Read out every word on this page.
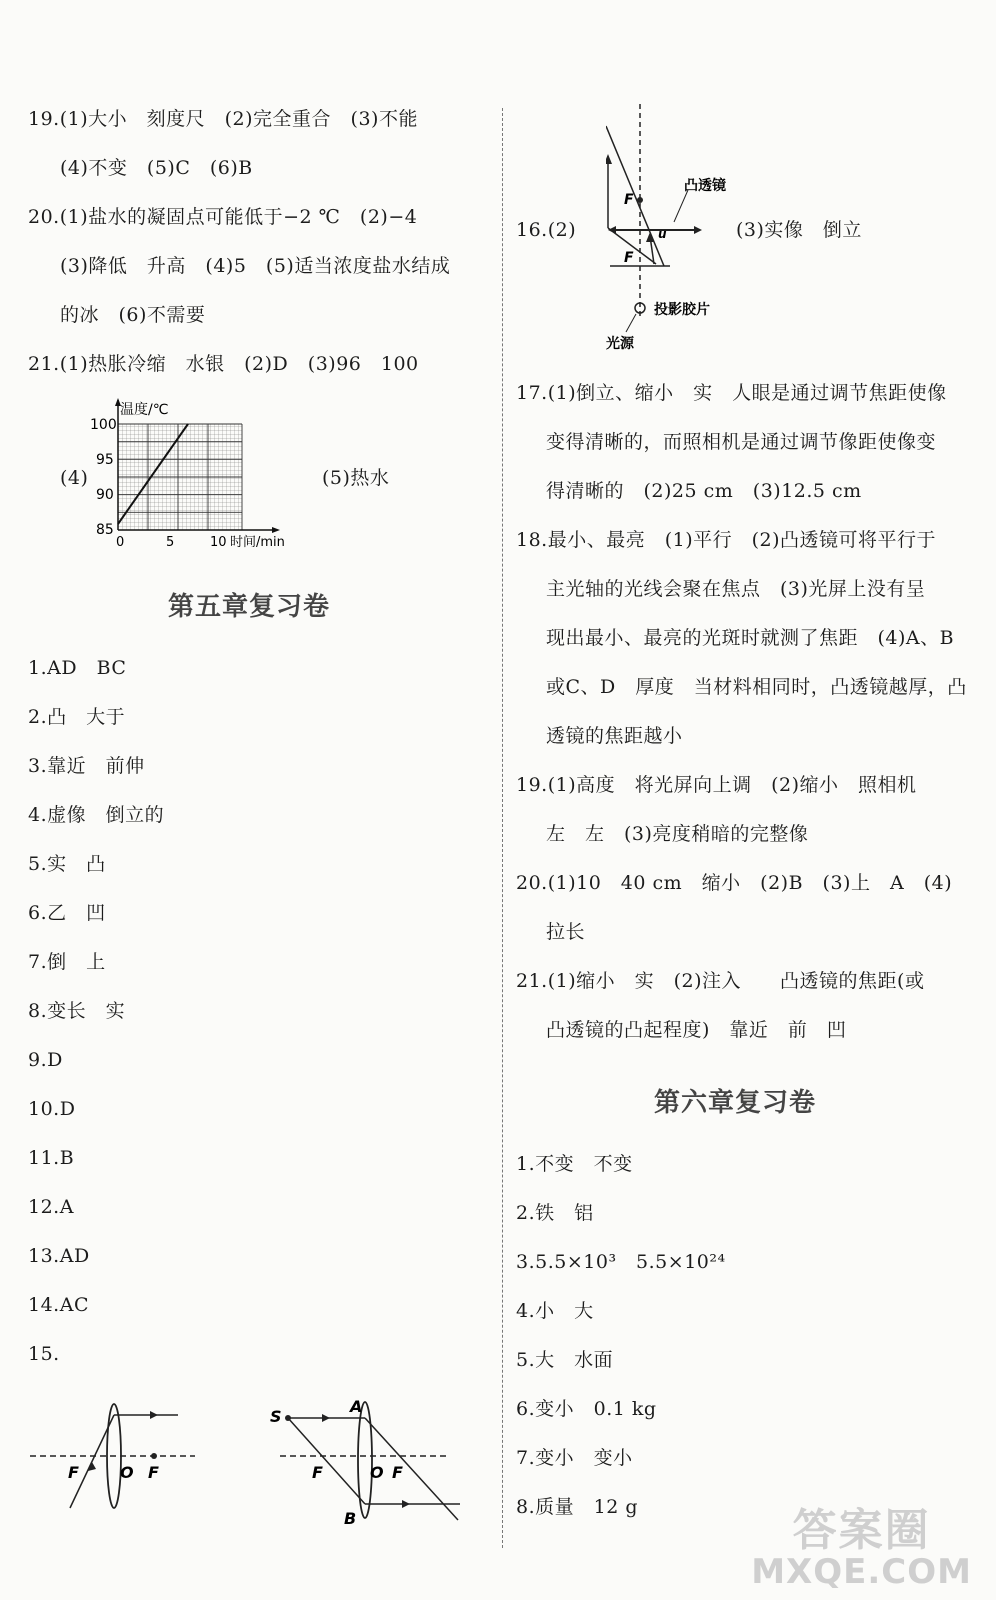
19.(1)大小　刻度尺　(2)完全重合　(3)不能
(4)不变　(5)C　(6)B
20.(1)盐水的凝固点可能低于−2 ℃　(2)−4
(3)降低　升高　(4)5　(5)适当浓度盐水结成
的冰　(6)不需要
21.(1)热胀冷缩　水银　(2)D　(3)96　100
(4)	(5)热水
温度/℃
100
95
90
85
0	5	10 时间/min
第五章复习卷
1.AD　BC
2.凸　大于
3.靠近　前伸
4.虚像　倒立的
5.实　凸
6.乙　凹
7.倒　上
8.变长　实
9.D
10.D
11.B
12.A
13.AD
14.AC
15.
F	O F
S
A
F	O F
B
16.(2)	(3)实像　倒立
F
F
u
凸透镜
投影胶片
光源
17.(1)倒立、缩小　实　人眼是通过调节焦距使像
变得清晰的，而照相机是通过调节像距使像变
得清晰的　(2)25 cm　(3)12.5 cm
18.最小、最亮　(1)平行　(2)凸透镜可将平行于
主光轴的光线会聚在焦点　(3)光屏上没有呈
现出最小、最亮的光斑时就测了焦距　(4)A、B
或C、D　厚度　当材料相同时，凸透镜越厚，凸
透镜的焦距越小
19.(1)高度　将光屏向上调　(2)缩小　照相机
左　左　(3)亮度稍暗的完整像
20.(1)10　40 cm　缩小　(2)B　(3)上　A　(4)
拉长
21.(1)缩小　实　(2)注入　　凸透镜的焦距(或
凸透镜的凸起程度)　靠近　前　凹
第六章复习卷
1.不变　不变
2.铁　铝
3.5.5×10³　5.5×10²⁴
4.小　大
5.大　水面
6.变小　0.1 kg
7.变小　变小
8.质量　12 g	答案圈
MXQE.COM
